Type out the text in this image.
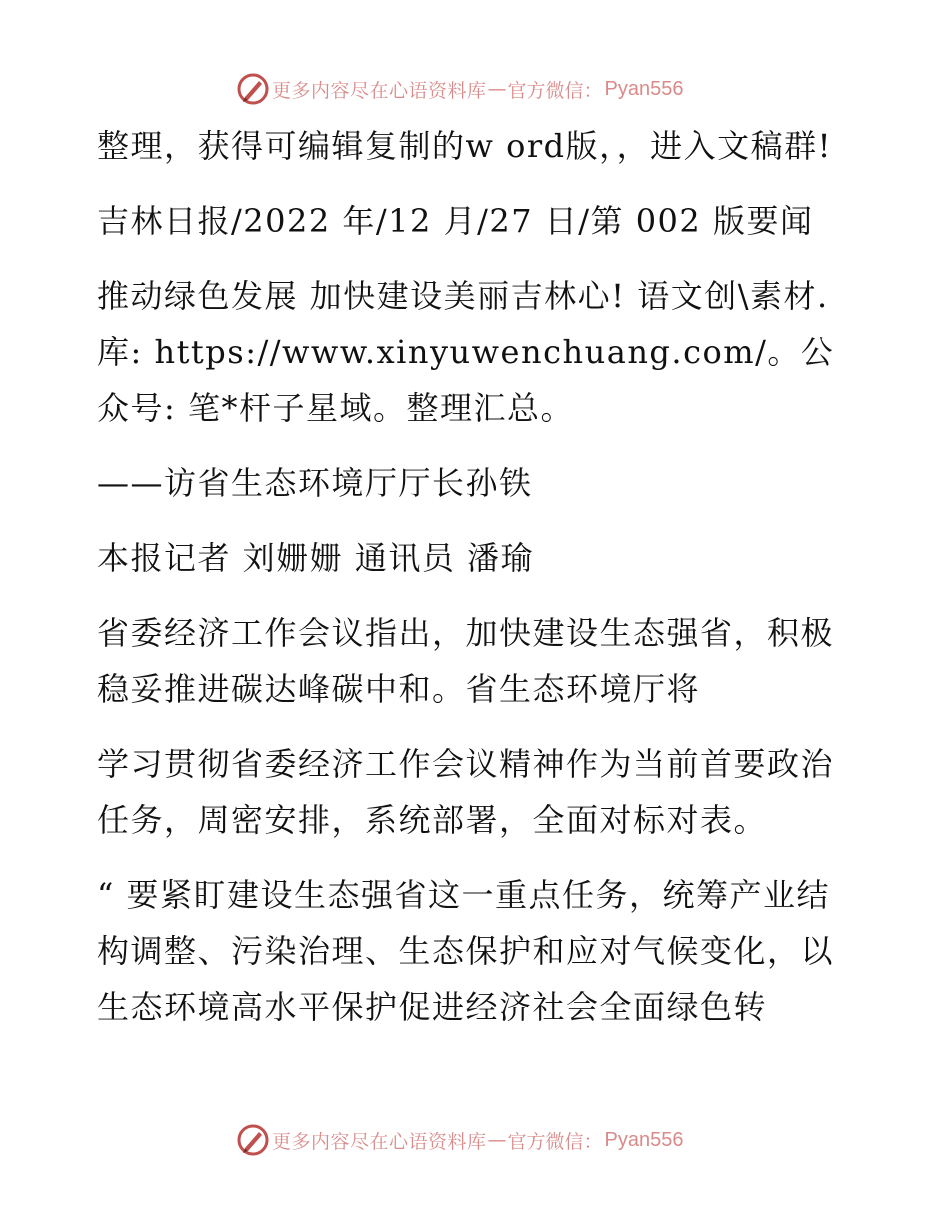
更多内容尽在心语资料库 — 官方微信： Pyan556

整理，获得可编辑复制的w ord版，，进入文稿群!

吉林日报/2022 年/12 月/27 日/第 002 版要闻

推动绿色发展 加快建设美丽吉林心! 语文创\素材.库: https://www.xinyuwenchuang.com/。公众号: 笔*杆子星域。整理汇总。

——访省生态环境厅厅长孙铁

本报记者 刘姗姗 通讯员 潘瑜

省委经济工作会议指出，加快建设生态强省，积极稳妥推进碳达峰碳中和。省生态环境厅将

学习贯彻省委经济工作会议精神作为当前首要政治任务，周密安排，系统部署，全面对标对表。

“ 要紧盯建设生态强省这一重点任务，统筹产业结构调整、污染治理、生态保护和应对气候变化，以生态环境高水平保护促进经济社会全面绿色转

更多内容尽在心语资料库 — 官方微信： Pyan556
